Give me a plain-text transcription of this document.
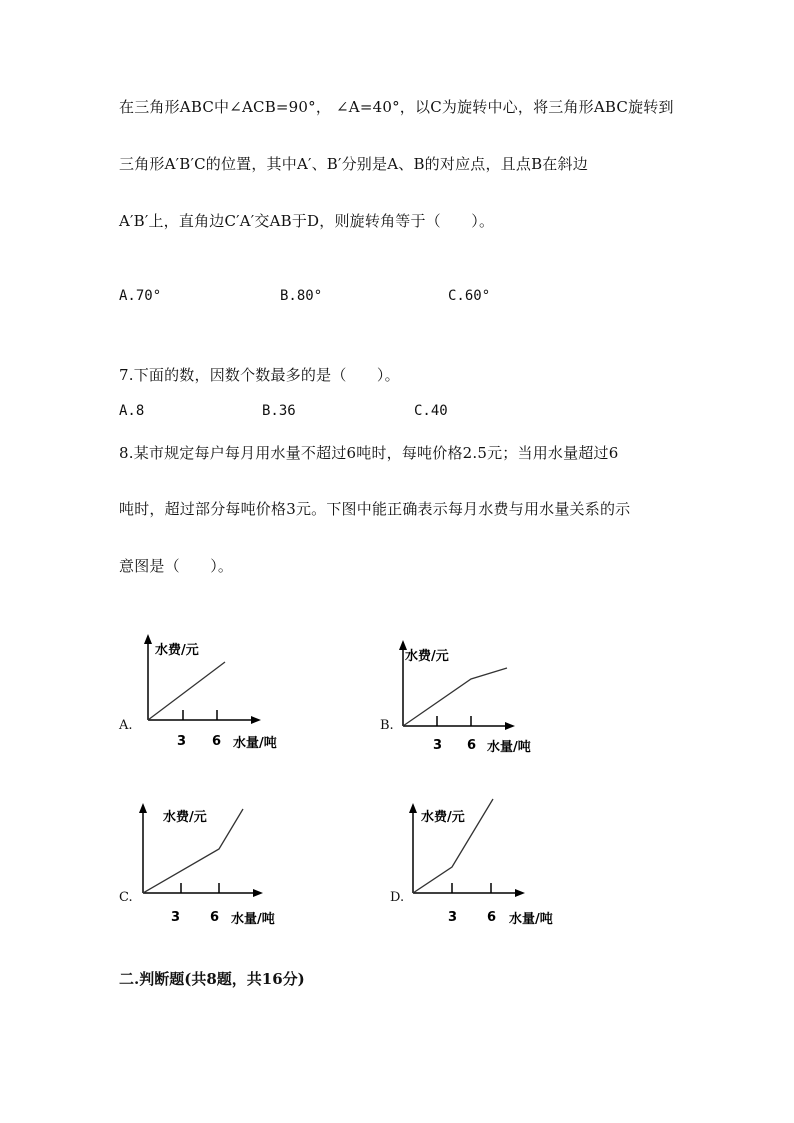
在三角形ABC中∠ACB=90°， ∠A=40°，以C为旋转中心，将三角形ABC旋转到
三角形A′B′C的位置，其中A′、B′分别是A、B的对应点，且点B在斜边
A′B′上，直角边C′A′交AB于D，则旋转角等于（　　）。
A.70°	B.80°	C.60°
7.下面的数，因数个数最多的是（　　）。
A.8	B.36	C.40
8.某市规定每户每月用水量不超过6吨时，每吨价格2.5元；当用水量超过6
吨时，超过部分每吨价格3元。下图中能正确表示每月水费与用水量关系的示
意图是（　　）。
A.
水费/元
3 6 水量/吨
B.
水费/元
3 6 水量/吨
C.
水费/元
3 6 水量/吨
D.
水费/元
3 6 水量/吨
二.判断题(共8题，共16分)
